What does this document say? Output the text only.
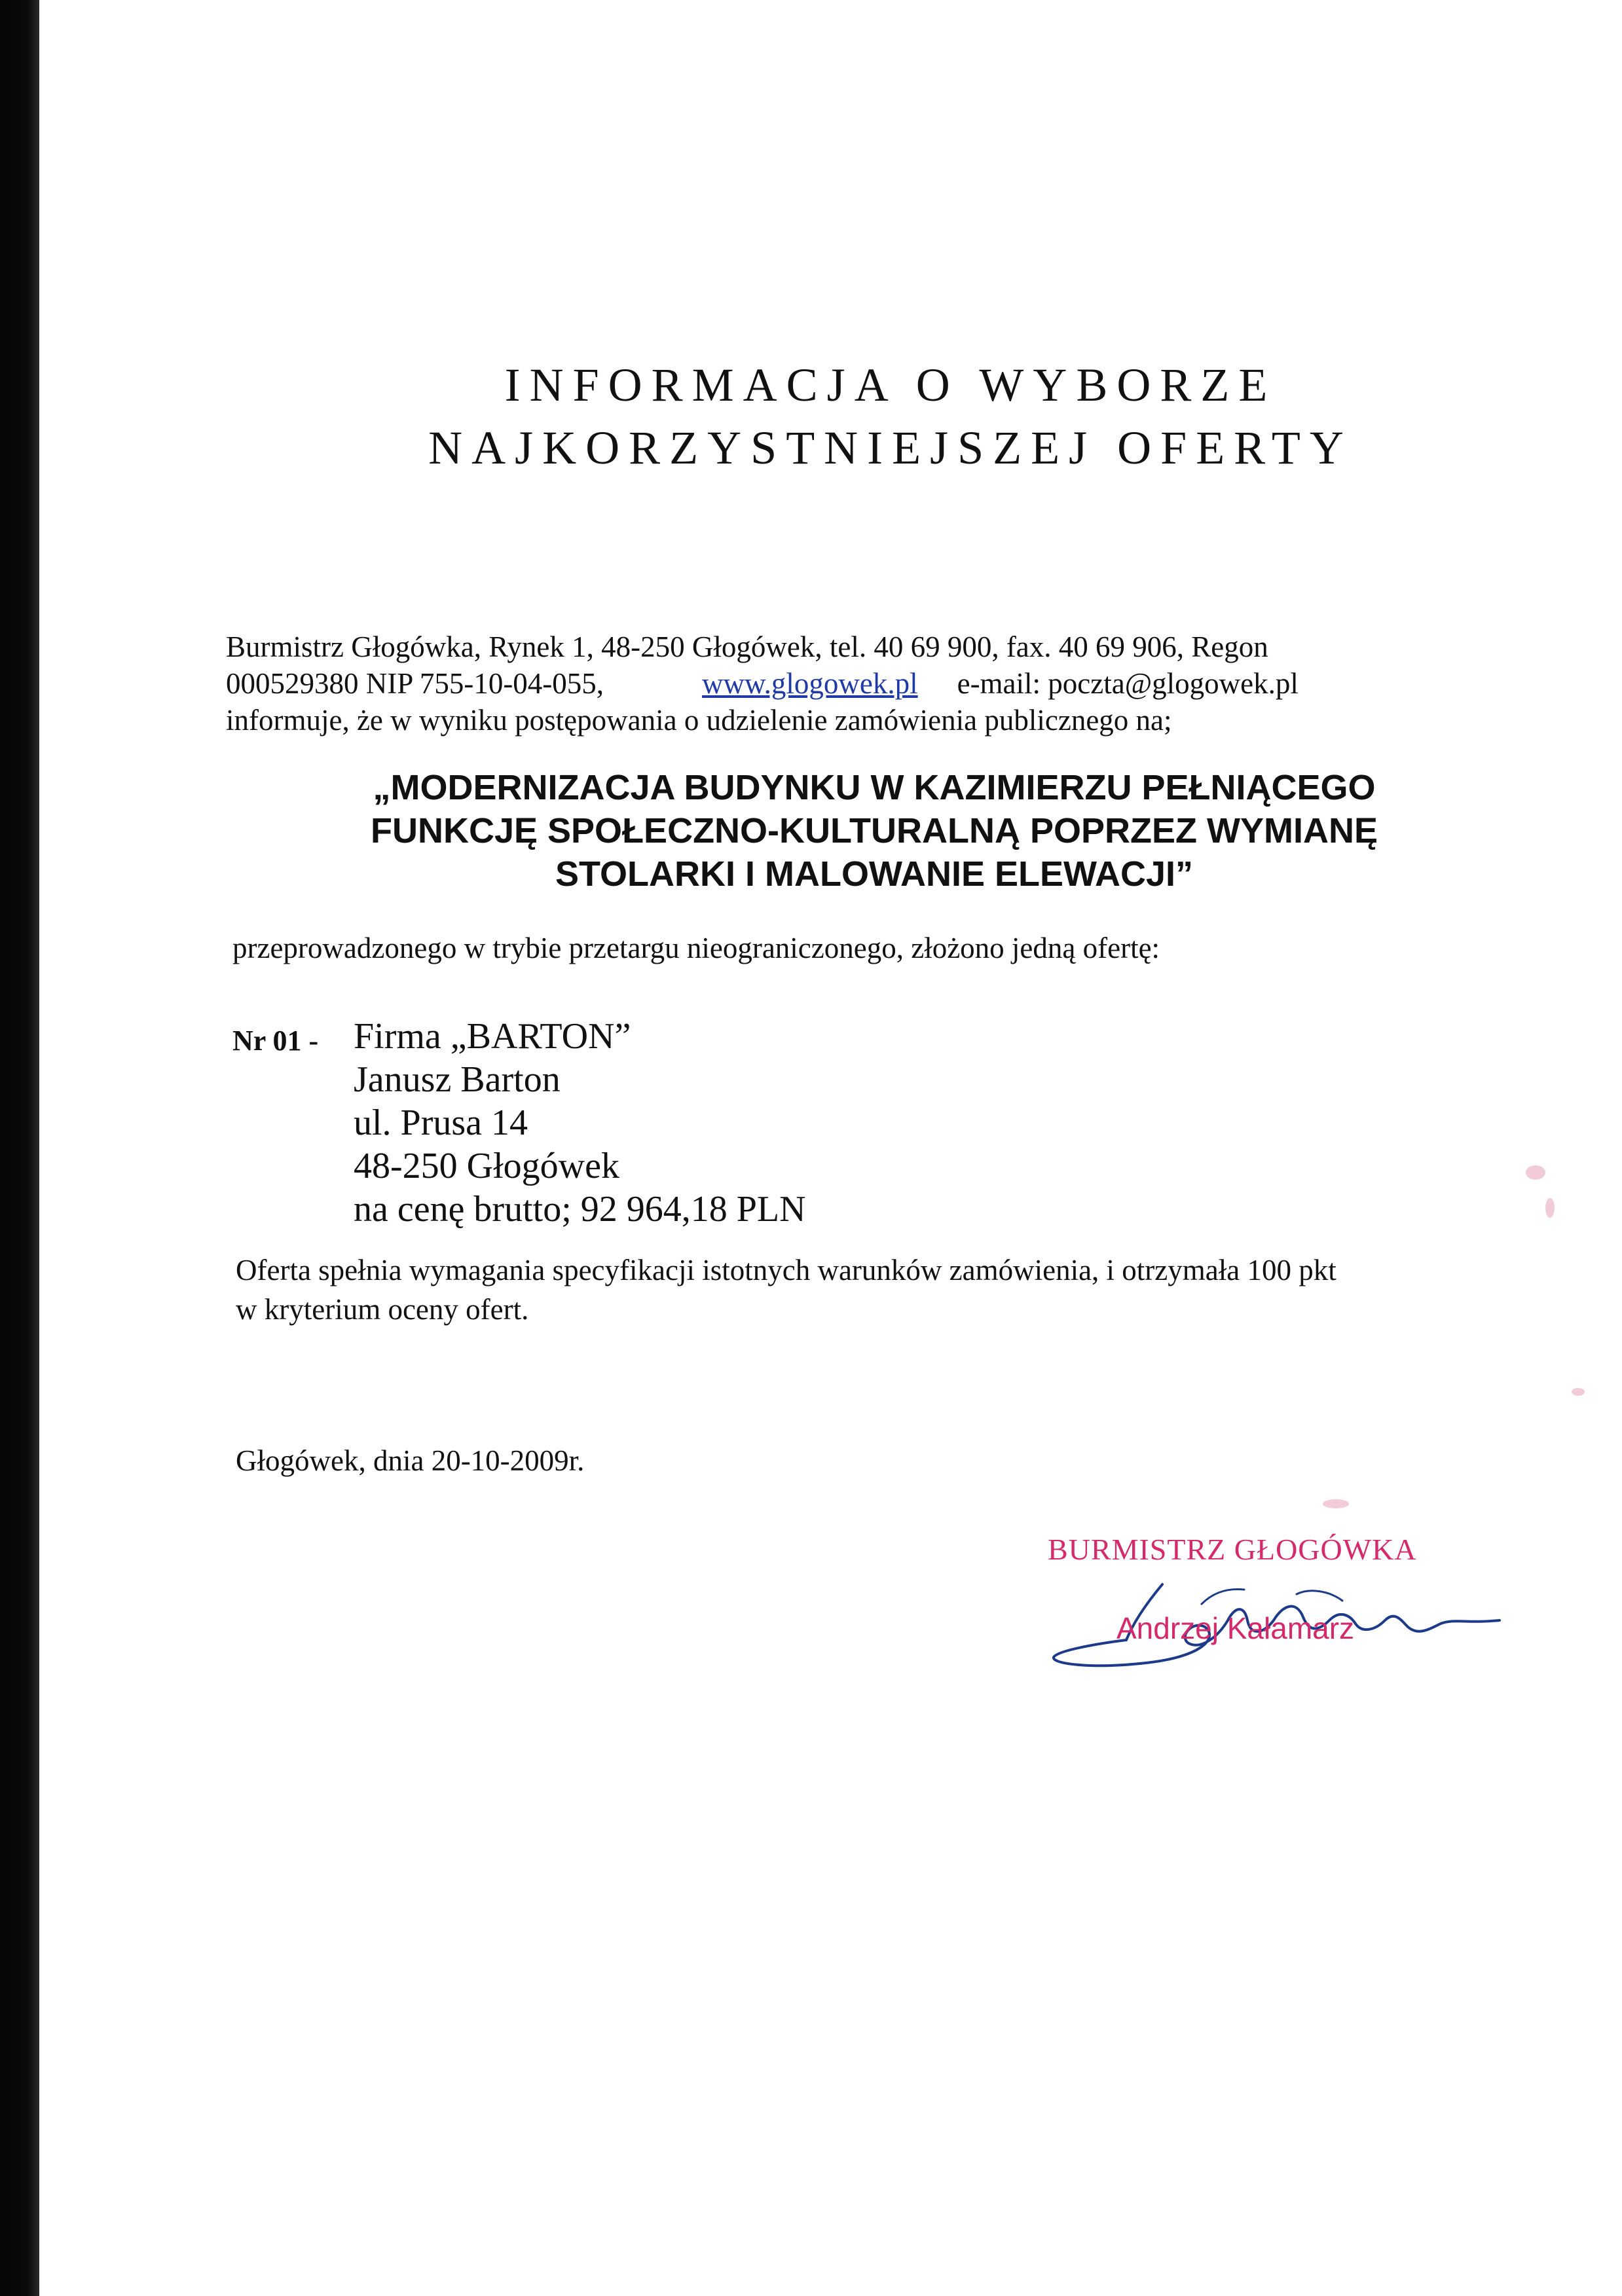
INFORMACJA O WYBORZE
NAJKORZYSTNIEJSZEJ OFERTY
Burmistrz Głogówka, Rynek 1, 48-250 Głogówek, tel. 40 69 900, fax. 40 69 906, Regon
000529380 NIP 755-10-04-055,	www.glogowek.pl e-mail: poczta@glogowek.pl
informuje, że w wyniku postępowania o udzielenie zamówienia publicznego na;
„MODERNIZACJA BUDYNKU W KAZIMIERZU PEŁNIĄCEGO
FUNKCJĘ SPOŁECZNO-KULTURALNĄ POPRZEZ WYMIANĘ
STOLARKI I MALOWANIE ELEWACJI”
przeprowadzonego w trybie przetargu nieograniczonego, złożono jedną ofertę:
Nr 01 - Firma „BARTON”
Janusz Barton
ul. Prusa 14
48-250 Głogówek
na cenę brutto; 92 964,18 PLN
Oferta spełnia wymagania specyfikacji istotnych warunków zamówienia, i otrzymała 100 pkt
w kryterium oceny ofert.
Głogówek, dnia 20-10-2009r.
BURMISTRZ GŁOGÓWKA
Andrzej Kałamarz
